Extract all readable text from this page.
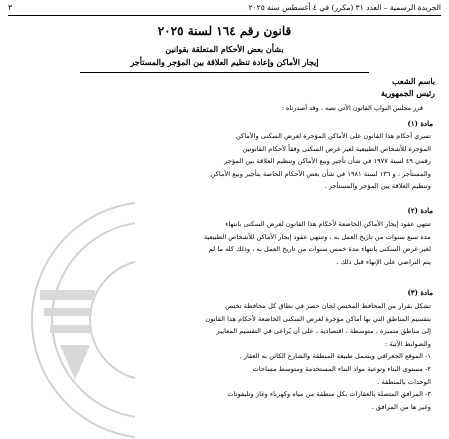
الجريدة الرسمية – العدد ٣١ (مكرر) في ٤ أغسطس سنة ٢٠٢٥
٣
قانون رقم ١٦٤ لسنة ٢٠٢٥
بشأن بعض الأحكام المتعلقة بقوانين
إيجار الأماكن وإعادة تنظيم العلاقة بين المؤجر والمستأجر
باسم الشعب
رئيس الجمهورية
قرر مجلس النواب القانون الآتي نصه ، وقد أصدرناه :
مادة (١)
تسري أحكام هذا القانون على الأماكن المؤجرة لغرض السكنى والأماكن
المؤجرة للأشخاص الطبيعية لغير غرض السكنى وفقاً لأحكام القانونين
رقمي ٤٩ لسنة ١٩٧٧ في شأن تأجير وبيع الأماكن وتنظيم العلاقة بين المؤجر
والمستأجر ، و ١٣٦ لسنة ١٩٨١ في شأن بعض الأحكام الخاصة بتأجير وبيع الأماكن
وتنظيم العلاقة بين المؤجر والمستأجر .
مادة (٢)
تنتهي عقود إيجار الأماكن الخاضعة لأحكام هذا القانون لغرض السكنى بانتهاء
مدة سبع سنوات من تاريخ العمل به ، وتنتهي عقود إيجار الأماكن للأشخاص الطبيعية
لغير غرض السكنى بانتهاء مدة خمس سنوات من تاريخ العمل به ، وذلك كله ما لم
يتم التراضي على الإنهاء قبل ذلك .
مادة (٣)
تشكل بقرار من المحافظ المختص لجان حصر في نطاق كل محافظة تختص
بتقسيم المناطق التي بها أماكن مؤجرة لغرض السكنى الخاضعة لأحكام هذا القانون
إلى مناطق متميزة ، متوسطة ، اقتصادية ، على أن يُراعى في التقسيم المعايير
والضوابط الآتية :
١- الموقع الجغرافي ويشمل طبيعة المنطقة والشارع الكائن به العقار .
٢- مستوى البناء ونوعية مواد البناء المستخدمة ومتوسط مساحات
الوحدات بالمنطقة .
٣- المرافق المتصلة بالعقارات بكل منطقة من مياه وكهرباء وغاز وتليفونات
وغير ها من المرافق .
